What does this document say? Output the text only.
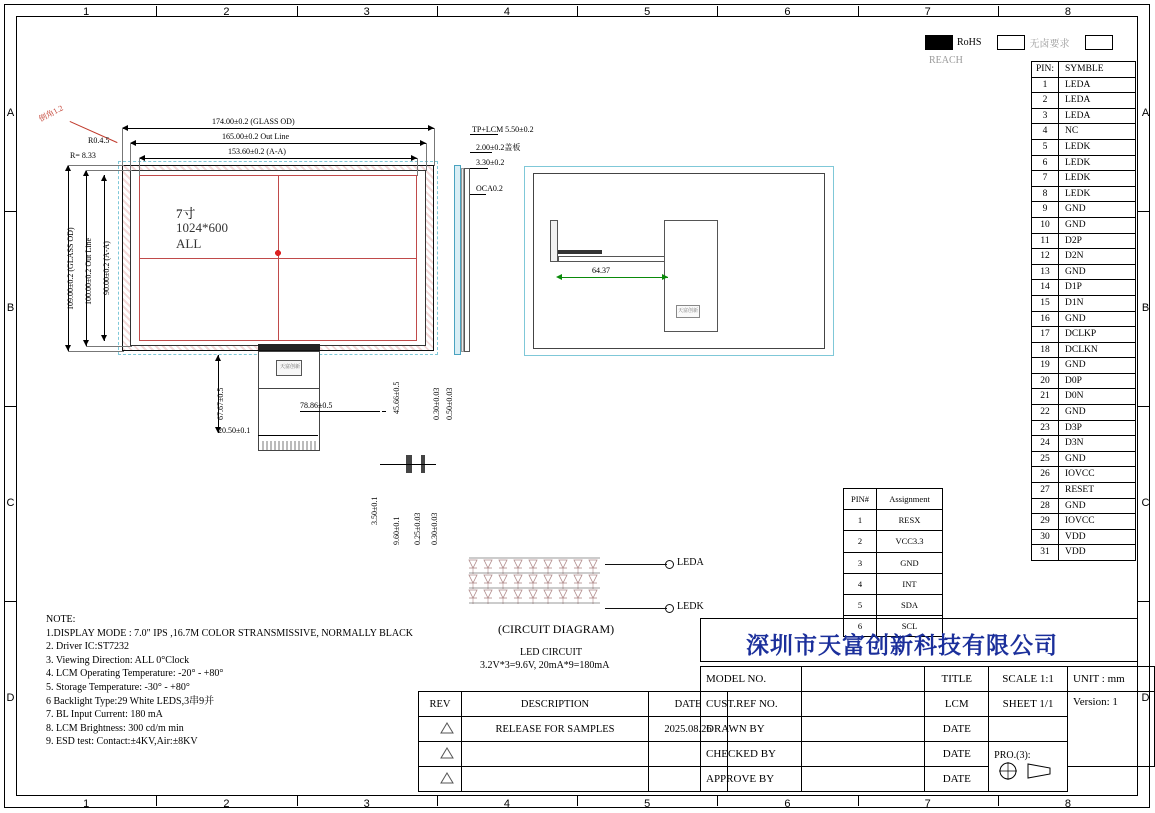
RoHS	无卤要求 REACH
PIN:	SYMBLE
1	LEDA
2	LEDA
3	LEDA
4	NC
5	LEDK
6	LEDK
7	LEDK
8	LEDK
9	GND
10	GND
11	D2P
12	D2N
13	GND
14	D1P
15	D1N
16	GND
17	DCLKP
18	DCLKN
19	GND
20	D0P
21	D0N
22	GND
23	D3P
24	D3N
25	GND
26	IOVCC
27	RESET
28	GND
29	IOVCC
30	VDD
31	VDD
PIN#	Assignment
1	RESX
2	VCC3.3
3	GND
4	INT
5	SDA
6	SCL
7寸
1024*600
ALL
倒角1.2
R0.4.5
R= 8.33
174.00±0.2 (GLASS OD)
165.00±0.2 Out Line
153.60±0.2 (A-A)
109.00±0.2 (GLASS OD) 100.00±0.2 Out Line 90.00±0.2 (A-A)
天富创新
67.67±0.5	78.86±0.5	45.66±0.5
20.50±0.1
0.30±0.03 0.50±0.03
3.50±0.1
9.60±0.1 0.25±0.03 0.30±0.03
TP+LCM 5.50±0.2
2.00±0.2盖板
3.30±0.2
OCA0.2
天富创新
64.37
LEDA
LEDK
(CIRCUIT DIAGRAM)
LED CIRCUIT
3.2V*3=9.6V, 20mA*9=180mA
NOTE:
1.DISPLAY MODE : 7.0" IPS ,16.7M COLOR STRANSMISSIVE, NORMALLY BLACK
2. Driver IC:ST7232
3. Viewing Direction: ALL 0°Clock
4. LCM Operating Temperature: -20° - +80°
5. Storage Temperature: -30° - +80°
6 Backlight Type:29 White LEDS,3串9并
7. BL Input Current: 180 mA
8. LCM Brightness: 300 cd/m min
9. ESD test: Contact:±4KV,Air:±8KV
REV	DESCRIPTION	DATE
	RELEASE FOR SAMPLES	2025.08.26

深圳市天富创新科技有限公司
MODEL NO.		TITLE	SCALE 1:1	UNIT : mm
CUST.REF NO.		LCM	SHEET 1/1	Version: 1
DRAWN BY		DATE		
CHECKED BY		DATE	PRO.(3):	
APPROVE BY		DATE		
1
1
2
2
3
3
4
4
5
5
6
6
7
7
8
8
A	A
B	B
C	C
D	D
